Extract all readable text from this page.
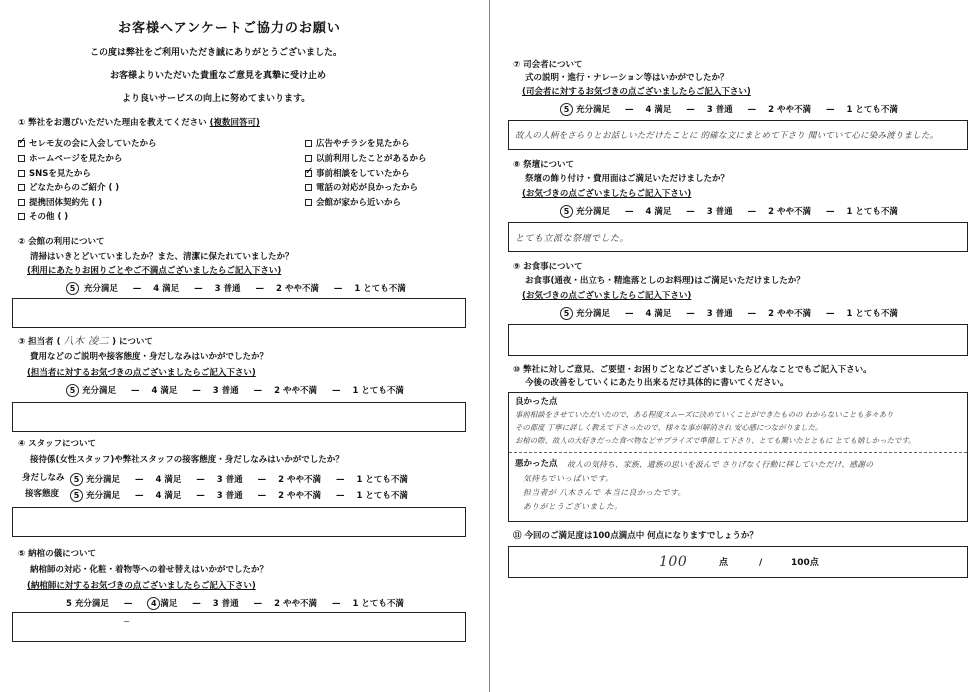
お客様へアンケートご協力のお願い
この度は弊社をご利用いただき誠にありがとうございました。
お客様よりいただいた貴重なご意見を真摯に受け止め
より良いサービスの向上に努めてまいります。
① 弊社をお選びいただいた理由を教えてください (複数回答可)
✓セレモ友の会に入会していたから
ホームページを見たから
SNSを見たから
どなたからのご紹介 ( )
提携団体契約先 ( )
その他 ( )
広告やチラシを見たから
以前利用したことがあるから
✓事前相談をしていたから
電話の対応が良かったから
会館が家から近いから
② 会館の利用について
清掃はいきとどいていましたか？また、清潔に保たれていましたか？
(利用にあたりお困りごとやご不満点ございましたらご記入下さい)
5 充分満足 — 4 満足 — 3 普通 — 2 やや不満 — 1 とても不満
③ 担当者 ( 八木 凌二 ) について
費用などのご説明や接客態度・身だしなみはいかがでしたか？
(担当者に対するお気づきの点ございましたらご記入下さい)
5 充分満足 — 4 満足 — 3 普通 — 2 やや不満 — 1 とても不満
④ スタッフについて
接待係(女性スタッフ)や弊社スタッフの接客態度・身だしなみはいかがでしたか？
身だしなみ	5 充分満足 — 4 満足 — 3 普通 — 2 やや不満 — 1 とても不満
接客態度	5 充分満足 — 4 満足 — 3 普通 — 2 やや不満 — 1 とても不満
⑤ 納棺の儀について
納棺師の対応・化粧・着物等への着せ替えはいかがでしたか？
(納棺師に対するお気づきの点ございましたらご記入下さい)
5 充分満足 — 4 満足 — 3 普通 — 2 やや不満 — 1 とても不満
~
⑦ 司会者について
式の説明・進行・ナレーション等はいかがでしたか？
(司会者に対するお気づきの点ございましたらご記入下さい)
5 充分満足 — 4 満足 — 3 普通 — 2 やや不満 — 1 とても不満
故人の人柄をさらりとお話しいただけたことに 的確な文にまとめて下さり 聞いていて心に染み渡りました。
⑧ 祭壇について
祭壇の飾り付け・費用面はご満足いただけましたか？
(お気づきの点ございましたらご記入下さい)
5 充分満足 — 4 満足 — 3 普通 — 2 やや不満 — 1 とても不満
とても立派な祭壇でした。
⑨ お食事について
お食事(通夜・出立ち・精進落としのお料理)はご満足いただけましたか？
(お気づきの点ございましたらご記入下さい)
5 充分満足 — 4 満足 — 3 普通 — 2 やや不満 — 1 とても不満
⑩ 弊社に対しご意見、ご要望・お困りごとなどございましたらどんなことでもご記入下さい。
今後の改善をしていくにあたり出来るだけ具体的に書いてください。
良かった点
事前相談をさせていただいたので、ある程度スムーズに決めていくことができたものの わからないことも多々あり
その都度 丁寧に詳しく教えて下さったので、様々な事が解消され 安心感につながりました。
お棺の際、故人の大好きだった食べ物などサプライズで準備して下さり、とても驚いたとともに とても嬉しかったです。
悪かった点 故人の気持ち、家族、遺族の思いを汲んで さりげなく行動に移していただけ、感謝の
気持ちでいっぱいです。
担当者が 八木さんで 本当に良かったです。
ありがとうございました。
⑪ 今回のご満足度は100点満点中 何点になりますでしょうか？
100	点	/	100点
